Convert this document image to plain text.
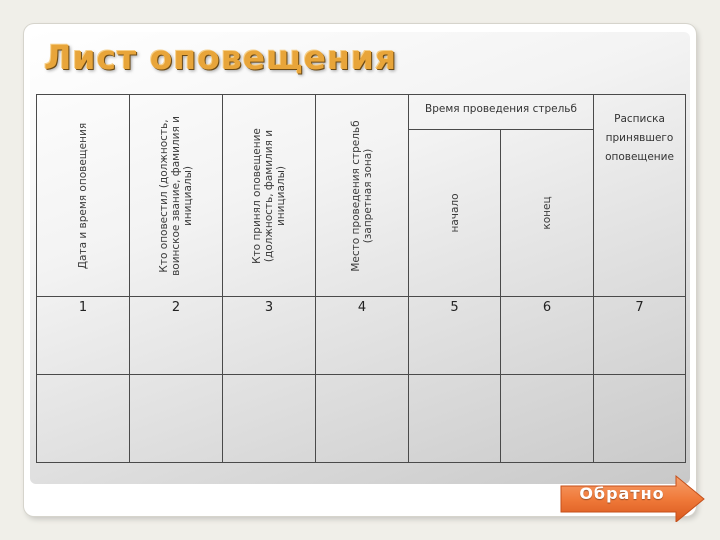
Лист оповещения
Дата и время оповещения	Кто оповестил (должность,
воинское звание, фамилия и
инициалы)	Кто принял оповещение
(должность, фамилия и
инициалы)	Место проведения стрельб
(запретная зона)	Время проведения стрельб		Расписка
принявшего
оповещение

				начало	конец	

1	2	3	4	5	6	7

Обратно
